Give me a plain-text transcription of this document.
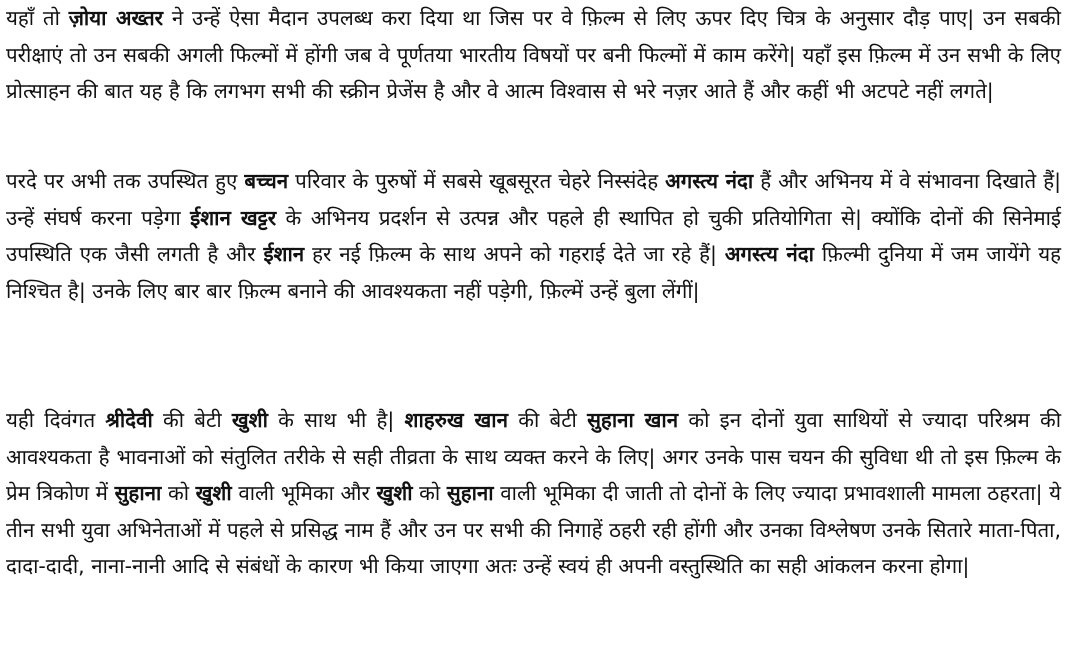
यहाँ तो ज़ोया अख्तर ने उन्हें ऐसा मैदान उपलब्ध करा दिया था जिस पर वे फ़िल्म से लिए ऊपर दिए चित्र के अनुसार दौड़ पाए| उन सबकी परीक्षाएं तो उन सबकी अगली फिल्मों में होंगी जब वे पूर्णतया भारतीय विषयों पर बनी फिल्मों में काम करेंगे| यहाँ इस फ़िल्म में उन सभी के लिए प्रोत्साहन की बात यह है कि लगभग सभी की स्क्रीन प्रेजेंस है और वे आत्म विश्वास से भरे नज़र आते हैं और कहीं भी अटपटे नहीं लगते|

परदे पर अभी तक उपस्थित हुए बच्चन परिवार के पुरुषों में सबसे खूबसूरत चेहरे निस्संदेह अगस्त्य नंदा हैं और अभिनय में वे संभावना दिखाते हैं| उन्हें संघर्ष करना पड़ेगा ईशान खट्टर के अभिनय प्रदर्शन से उत्पन्न और पहले ही स्थापित हो चुकी प्रतियोगिता से| क्योंकि दोनों की सिनेमाई उपस्थिति एक जैसी लगती है और ईशान हर नई फ़िल्म के साथ अपने को गहराई देते जा रहे हैं| अगस्त्य नंदा फ़िल्मी दुनिया में जम जायेंगे यह निश्चित है| उनके लिए बार बार फ़िल्म बनाने की आवश्यकता नहीं पड़ेगी, फ़िल्में उन्हें बुला लेंगीं|

यही दिवंगत श्रीदेवी की बेटी खुशी के साथ भी है| शाहरुख खान की बेटी सुहाना खान को इन दोनों युवा साथियों से ज्यादा परिश्रम की आवश्यकता है भावनाओं को संतुलित तरीके से सही तीव्रता के साथ व्यक्त करने के लिए| अगर उनके पास चयन की सुविधा थी तो इस फ़िल्म के प्रेम त्रिकोण में सुहाना को खुशी वाली भूमिका और खुशी को सुहाना वाली भूमिका दी जाती तो दोनों के लिए ज्यादा प्रभावशाली मामला ठहरता| ये तीन सभी युवा अभिनेताओं में पहले से प्रसिद्ध नाम हैं और उन पर सभी की निगाहें ठहरी रही होंगी और उनका विश्लेषण उनके सितारे माता-पिता, दादा-दादी, नाना-नानी आदि से संबंधों के कारण भी किया जाएगा अतः उन्हें स्वयं ही अपनी वस्तुस्थिति का सही आंकलन करना होगा|
